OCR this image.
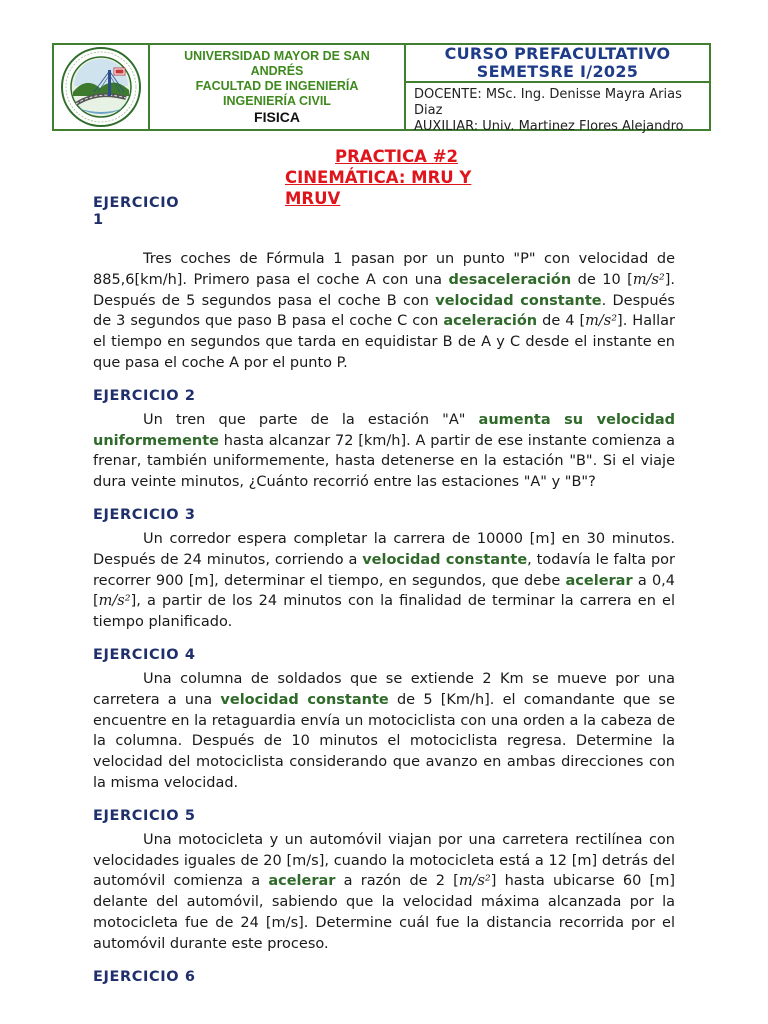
UNIVERSIDAD MAYOR DE SAN
ANDRÉS
FACULTAD DE INGENIERÍA
INGENIERÍA CIVIL
FISICA
CURSO PREFACULTATIVO
SEMETSRE I/2025
DOCENTE: MSc. Ing. Denisse Mayra Arias
Diaz
AUXILIAR: Univ. Martinez Flores Alejandro
PRACTICA #2
CINEMÁTICA: MRU Y
MRUV

EJERCICIO 1

Tres coches de Fórmula 1 pasan por un punto "P" con velocidad de 885,6[km/h]. Primero pasa el coche A con una desaceleración de 10 [m/s²]. Después de 5 segundos pasa el coche B con velocidad constante. Después de 3 segundos que paso B pasa el coche C con aceleración de 4 [m/s²]. Hallar el tiempo en segundos que tarda en equidistar B de A y C desde el instante en que pasa el coche A por el punto P.

EJERCICIO 2

Un tren que parte de la estación "A" aumenta su velocidad uniformemente hasta alcanzar 72 [km/h]. A partir de ese instante comienza a frenar, también uniformemente, hasta detenerse en la estación "B". Si el viaje dura veinte minutos, ¿Cuánto recorrió entre las estaciones "A" y "B"?

EJERCICIO 3

Un corredor espera completar la carrera de 10000 [m] en 30 minutos. Después de 24 minutos, corriendo a velocidad constante, todavía le falta por recorrer 900 [m], determinar el tiempo, en segundos, que debe acelerar a 0,4 [m/s²], a partir de los 24 minutos con la finalidad de terminar la carrera en el tiempo planificado.

EJERCICIO 4

Una columna de soldados que se extiende 2 Km se mueve por una carretera a una velocidad constante de 5 [Km/h]. el comandante que se encuentre en la retaguardia envía un motociclista con una orden a la cabeza de la columna. Después de 10 minutos el motociclista regresa. Determine la velocidad del motociclista considerando que avanzo en ambas direcciones con la misma velocidad.

EJERCICIO 5

Una motocicleta y un automóvil viajan por una carretera rectilínea con velocidades iguales de 20 [m/s], cuando la motocicleta está a 12 [m] detrás del automóvil comienza a acelerar a razón de 2 [m/s²] hasta ubicarse 60 [m] delante del automóvil, sabiendo que la velocidad máxima alcanzada por la motocicleta fue de 24 [m/s]. Determine cuál fue la distancia recorrida por el automóvil durante este proceso.

EJERCICIO 6
